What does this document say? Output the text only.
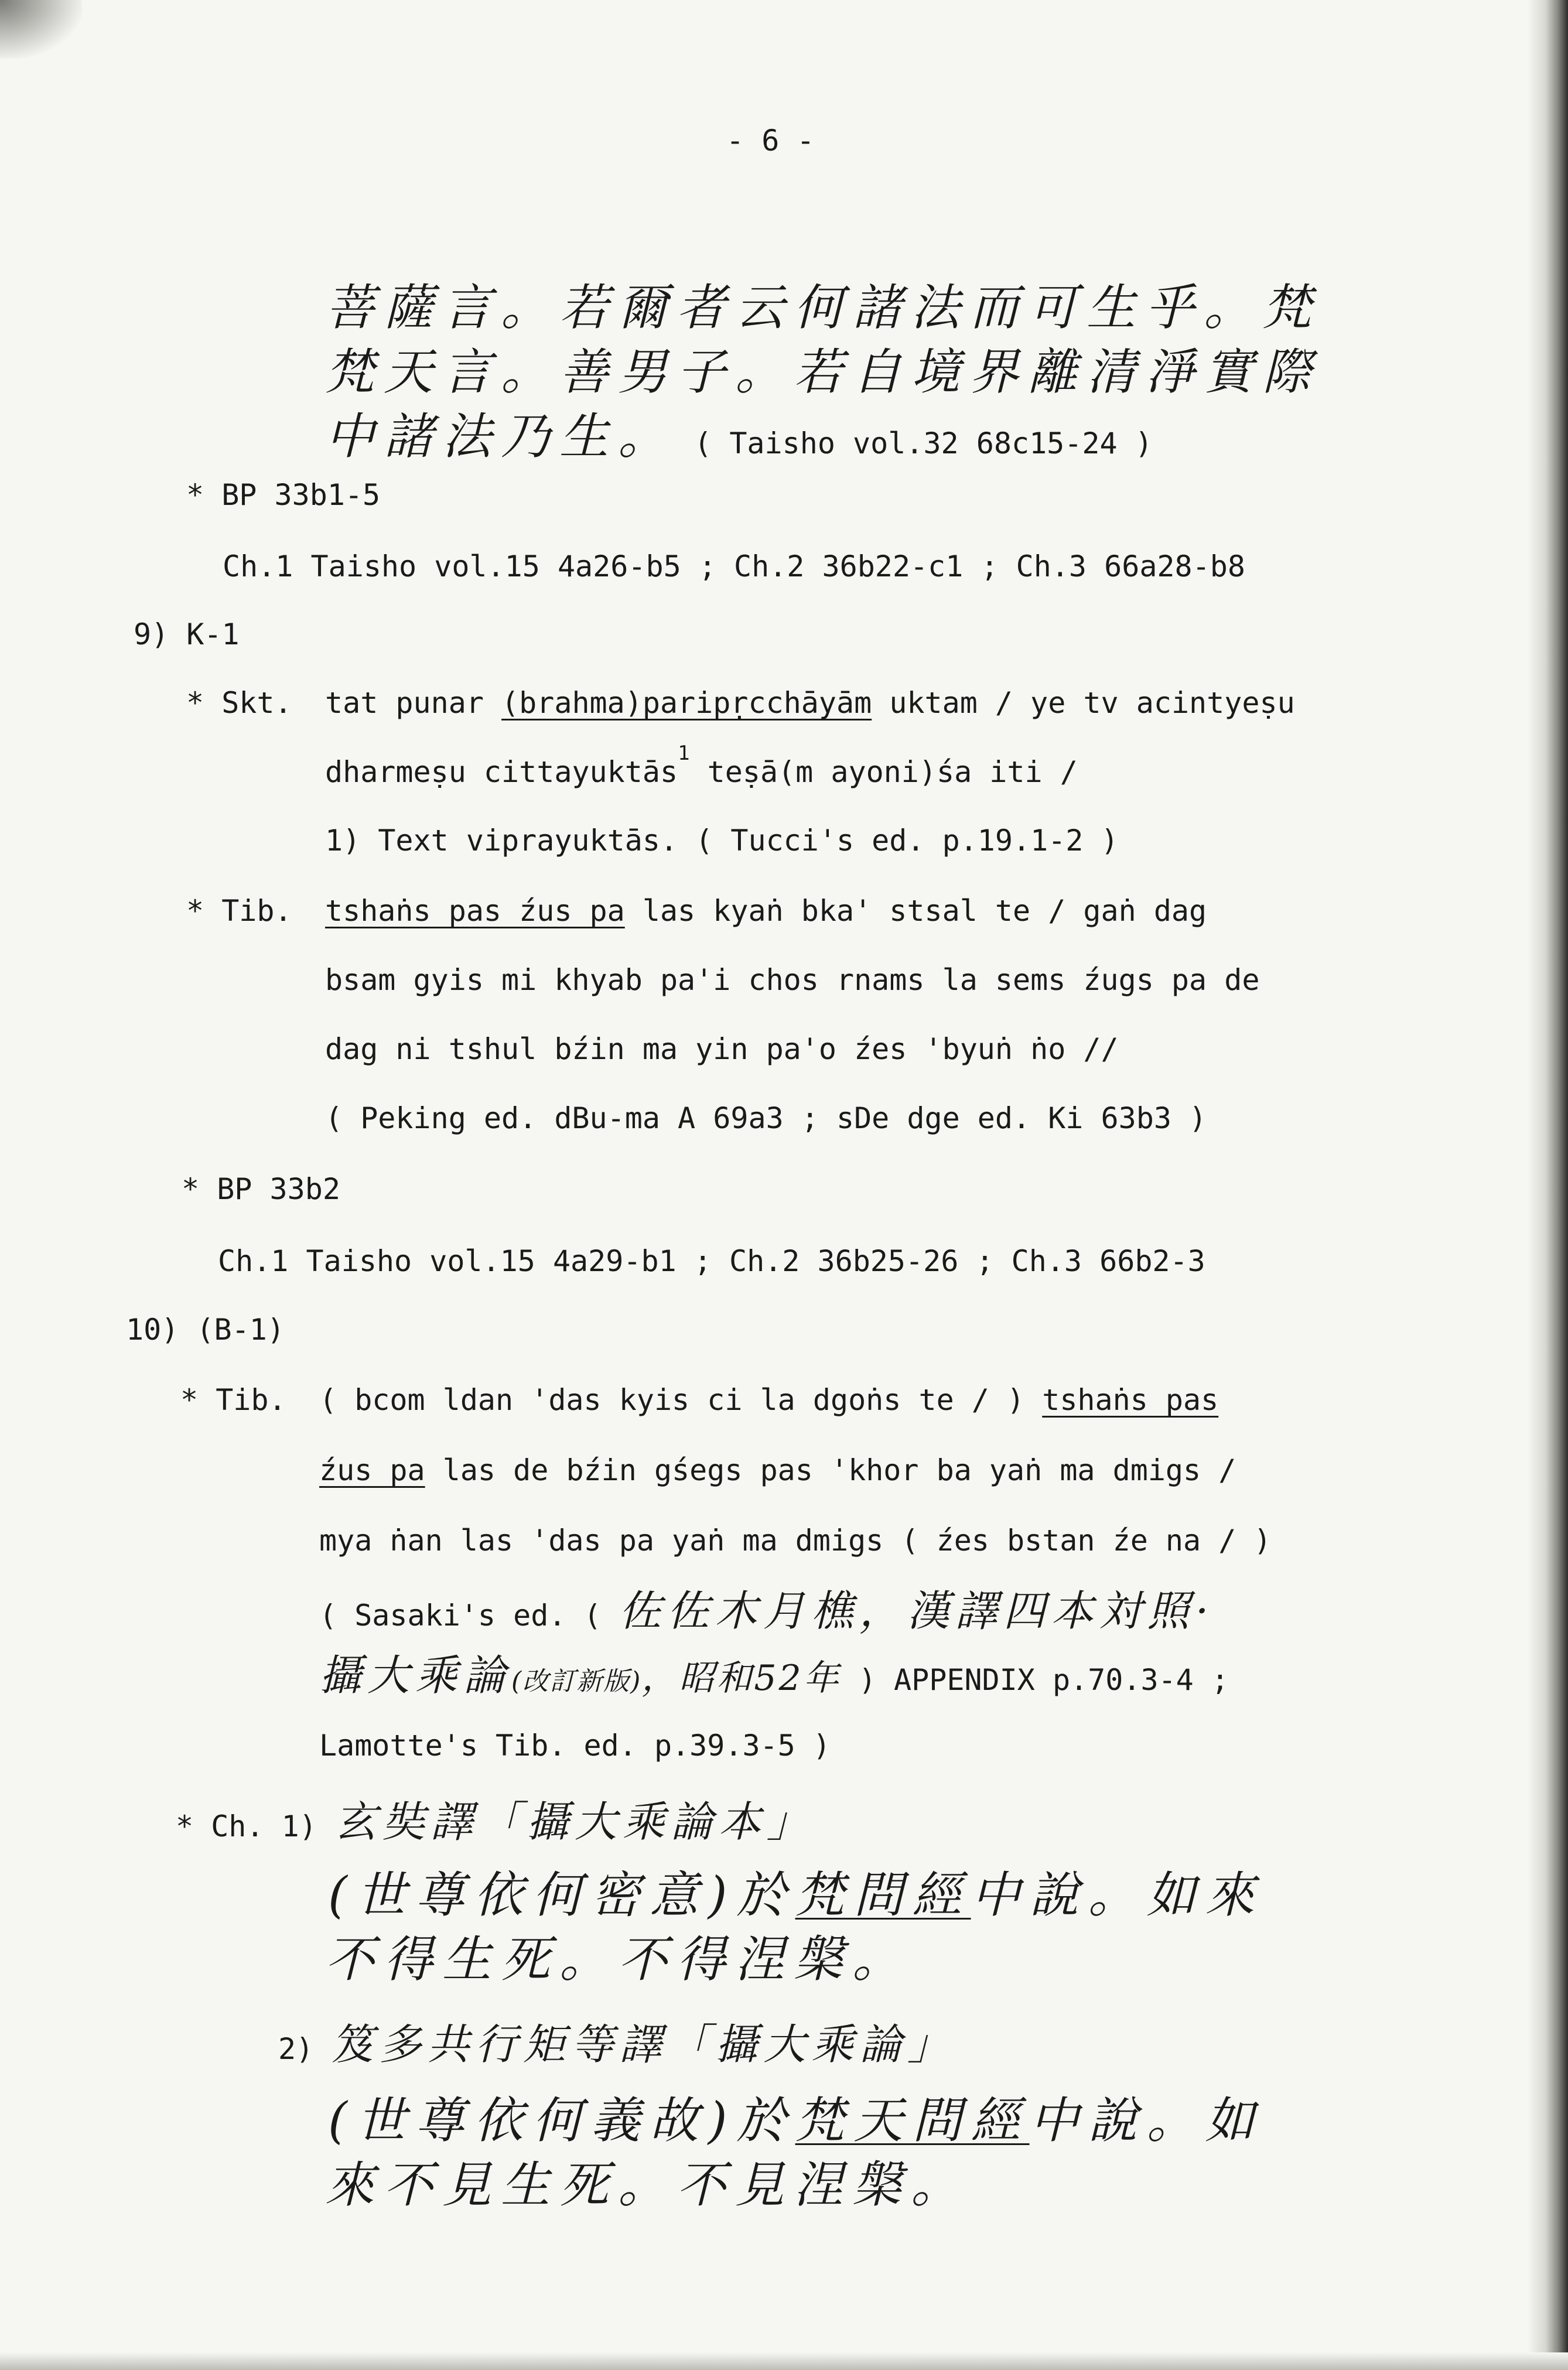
- 6 -
菩薩言。若爾者云何諸法而可生乎。梵
梵天言。善男子。若自境界離清淨實際
中諸法乃生。 ( Taisho vol.32 68c15-24 )
* BP 33b1-5
Ch.1 Taisho vol.15 4a26-b5 ; Ch.2 36b22-c1 ; Ch.3 66a28-b8
9) K-1
* Skt. tat punar (brahma)paripṛcchāyām uktam / ye tv acintyeṣu
dharmeṣu cittayuktās$^1$ teṣā(m ayoni)śa iti /
1) Text viprayuktās. ( Tucci's ed. p.19.1-2 )
* Tib. tshaṅs pas źus pa las kyaṅ bka' stsal te / gaṅ dag
bsam gyis mi khyab pa'i chos rnams la sems źugs pa de
dag ni tshul bźin ma yin pa'o źes 'byuṅ ṅo //
( Peking ed. dBu-ma A 69a3 ; sDe dge ed. Ki 63b3 )
* BP 33b2
Ch.1 Taisho vol.15 4a29-b1 ; Ch.2 36b25-26 ; Ch.3 66b2-3
10) (B-1)
* Tib. ( bcom ldan 'das kyis ci la dgoṅs te / ) tshaṅs pas
źus pa las de bźin gśegs pas 'khor ba yaṅ ma dmigs /
mya ṅan las 'das pa yaṅ ma dmigs ( źes bstan źe na / )
( Sasaki's ed. ( 佐佐木月樵，漢譯四本対照·
攝大乘論(改訂新版)，昭和52年 ) APPENDIX p.70.3-4 ;
Lamotte's Tib. ed. p.39.3-5 )
* Ch. 1) 玄奘譯「攝大乘論本」
(世尊依何密意)於梵問經中說。如來
不得生死。不得涅槃。
2) 笈多共行矩等譯「攝大乘論」
(世尊依何義故)於梵天問經中說。如
來不見生死。不見涅槃。
